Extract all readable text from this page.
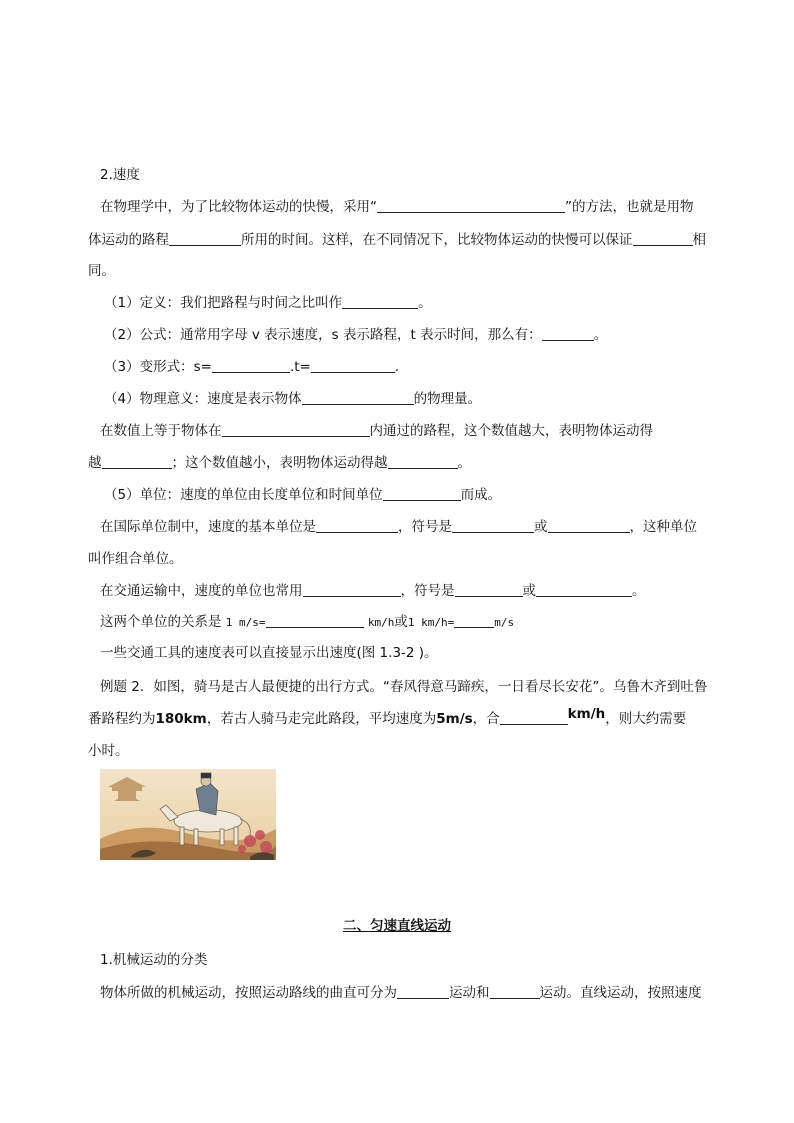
2.速度
在物理学中，为了比较物体运动的快慢，采用“	”的方法，也就是用物
体运动的路程	所用的时间。这样，在不同情况下，比较物体运动的快慢可以保证	相
同。
（1）定义：我们把路程与时间之比叫作	。
（2）公式：通常用字母 v 表示速度，s 表示路程，t 表示时间，那么有：	。
（3）变形式：s=	.t=	.
（4）物理意义：速度是表示物体	的物理量。
在数值上等于物体在	内通过的路程，这个数值越大，表明物体运动得
越	；这个数值越小，表明物体运动得越	。
（5）单位：速度的单位由长度单位和时间单位	而成。
在国际单位制中，速度的基本单位是	，符号是	或	，这种单位
叫作组合单位。
在交通运输中，速度的单位也常用	，符号是	或	。
这两个单位的关系是 1 m/s=	km/h或1 km/h=	m/s
一些交通工具的速度表可以直接显示出速度(图 1.3-2 )。
例题 2．如图，骑马是古人最便捷的出行方式。“春风得意马蹄疾，一日看尽长安花”。乌鲁木齐到吐鲁
番路程约为180km，若古人骑马走完此路段，平均速度为5m/s，合	km/h，则大约需要
小时。
二、匀速直线运动
1.机械运动的分类
物体所做的机械运动，按照运动路线的曲直可分为	运动和	运动。直线运动，按照速度
